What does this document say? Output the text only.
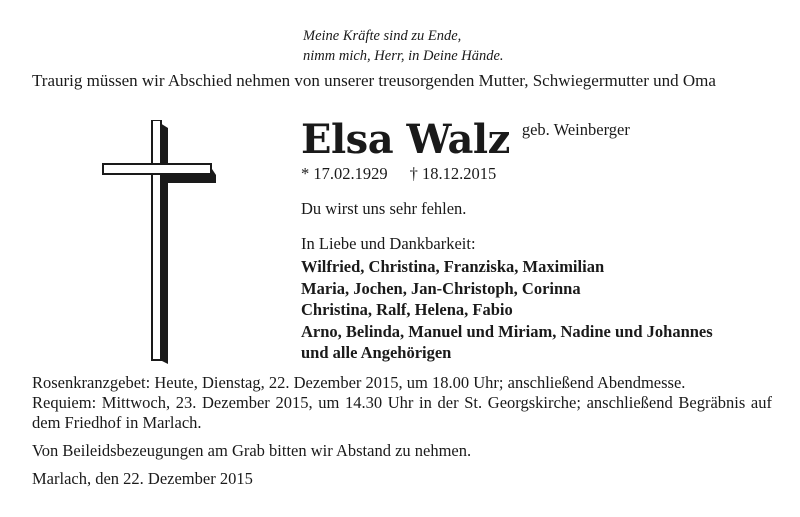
Meine Kräfte sind zu Ende,
nimm mich, Herr, in Deine Hände.
Traurig müssen wir Abschied nehmen von unserer treusorgenden Mutter, Schwiegermutter und Oma
Elsa Walz geb. Weinberger
* 17.02.1929 † 18.12.2015
Du wirst uns sehr fehlen.
In Liebe und Dankbarkeit:
Wilfried, Christina, Franziska, Maximilian
Maria, Jochen, Jan-Christoph, Corinna
Christina, Ralf, Helena, Fabio
Arno, Belinda, Manuel und Miriam, Nadine und Johannes
und alle Angehörigen
Rosenkranzgebet: Heute, Dienstag, 22. Dezember 2015, um 18.00 Uhr; anschließend Abendmesse.
Requiem: Mittwoch, 23. Dezember 2015, um 14.30 Uhr in der St. Georgskirche; anschließend Begräbnis auf dem Friedhof in Marlach.
Von Beileidsbezeugungen am Grab bitten wir Abstand zu nehmen.
Marlach, den 22. Dezember 2015
